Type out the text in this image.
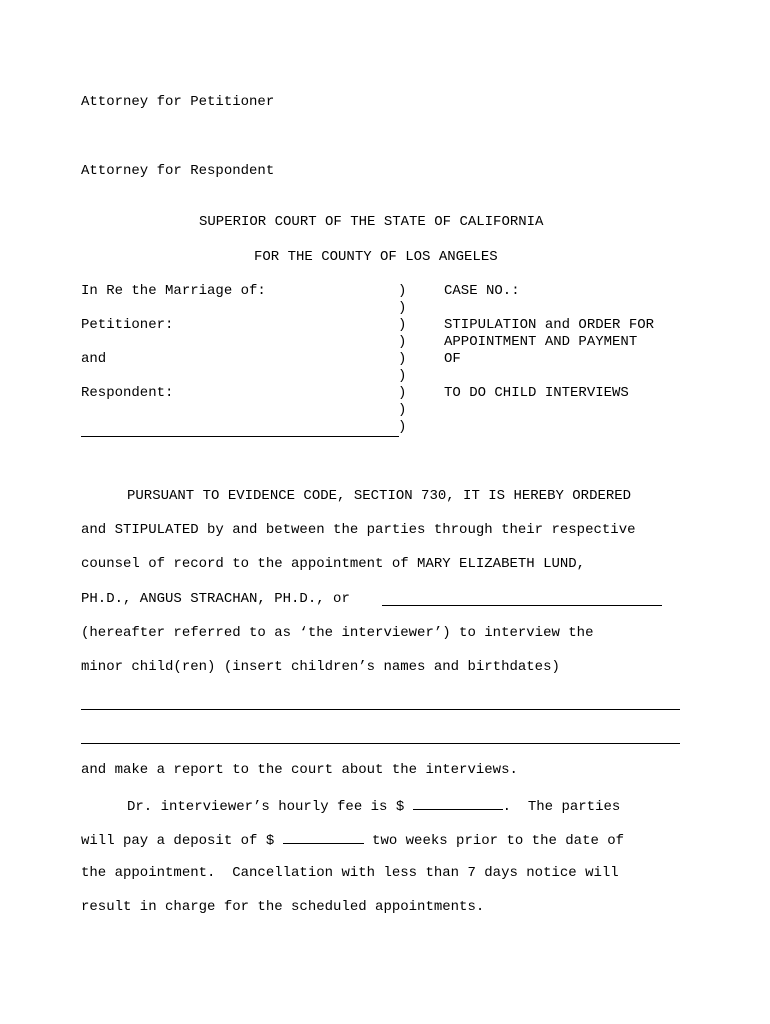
Attorney for Petitioner
Attorney for Respondent
SUPERIOR COURT OF THE STATE OF CALIFORNIA
FOR THE COUNTY OF LOS ANGELES
In Re the Marriage of:
Petitioner:
and
Respondent:
)
)
)
)
)
)
)
)
)
CASE NO.:
STIPULATION and ORDER FOR
APPOINTMENT AND PAYMENT
OF
TO DO CHILD INTERVIEWS
PURSUANT TO EVIDENCE CODE, SECTION 730, IT IS HEREBY ORDERED
and STIPULATED by and between the parties through their respective
counsel of record to the appointment of MARY ELIZABETH LUND,
PH.D., ANGUS STRACHAN, PH.D., or
(hereafter referred to as ‘the interviewer’) to interview the
minor child(ren) (insert children’s names and birthdates)
and make a report to the court about the interviews.
Dr. interviewer’s hourly fee is $	.  The parties
will pay a deposit of $	two weeks prior to the date of
the appointment.  Cancellation with less than 7 days notice will
result in charge for the scheduled appointments.
